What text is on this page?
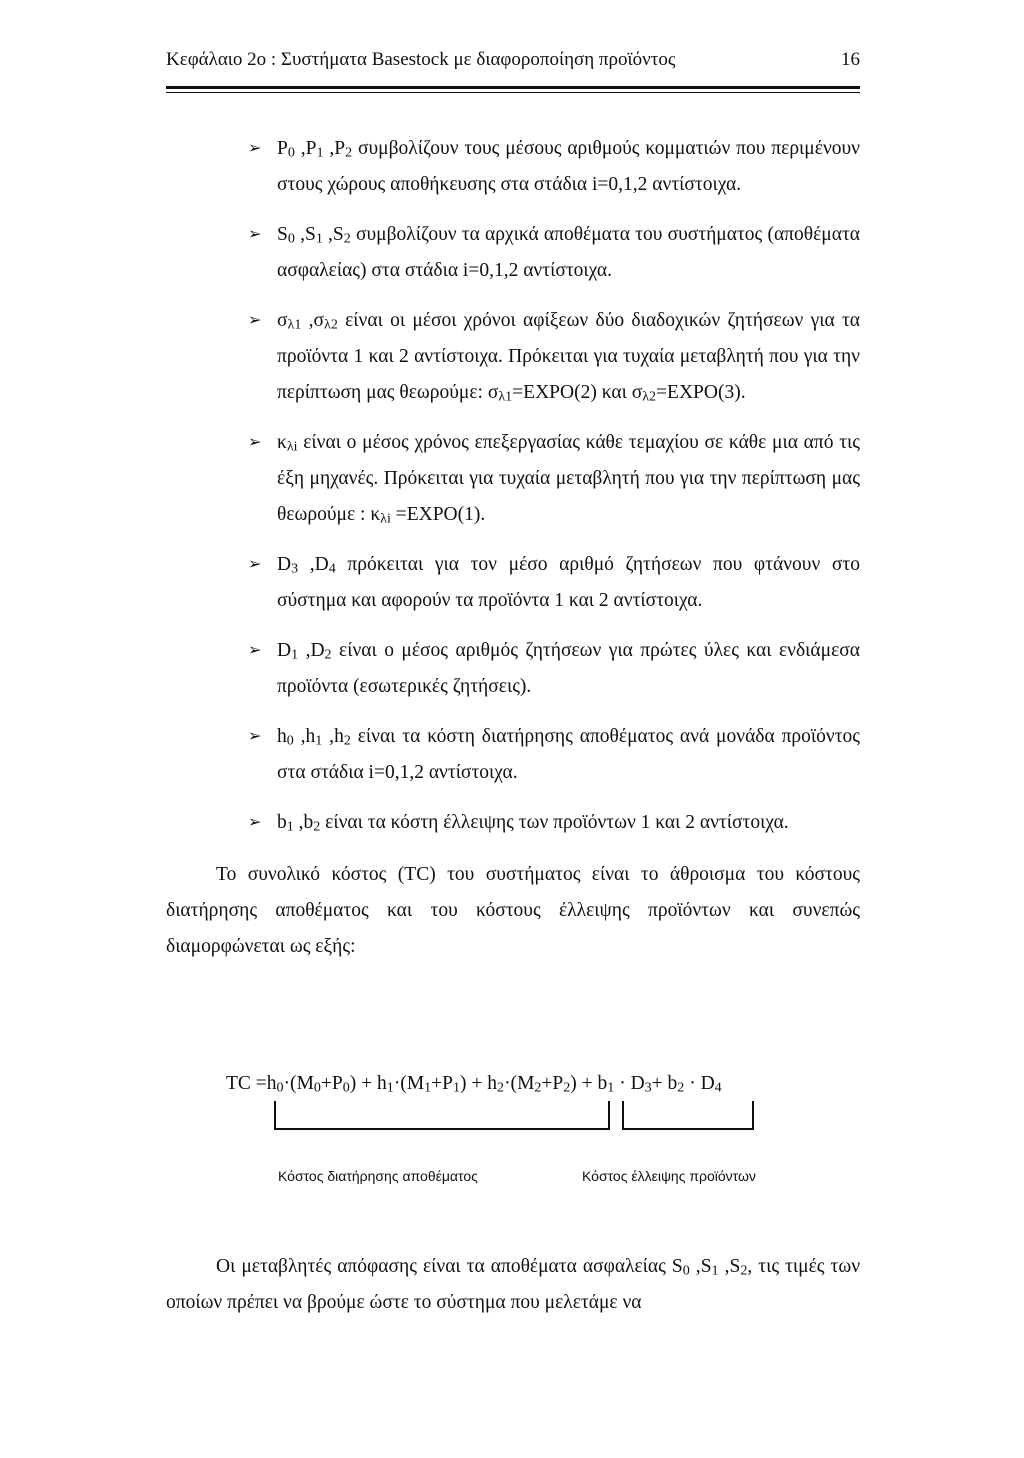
Κεφάλαιο 2ο : Συστήματα Basestock με διαφοροποίηση προϊόντος	16
➢ $P_0$ $,P_1$ $,P_2$ συμβολίζουν τους μέσους αριθμούς κομματιών που περιμένουν στους χώρους αποθήκευσης στα στάδια i=0,1,2 αντίστοιχα.
➢ $S_0$ $,S_1$ $,S_2$ συμβολίζουν τα αρχικά αποθέματα του συστήματος (αποθέματα ασφαλείας) στα στάδια i=0,1,2 αντίστοιχα.
➢ $\sigma_{\lambda 1}$ $,\sigma_{\lambda 2}$ είναι οι μέσοι χρόνοι αφίξεων δύο διαδοχικών ζητήσεων για τα προϊόντα 1 και 2 αντίστοιχα. Πρόκειται για τυχαία μεταβλητή που για την περίπτωση μας θεωρούμε: $\sigma_{\lambda 1}=EXPO(2)$ και $\sigma_{\lambda 2}=EXPO(3)$.
➢ $\kappa_{\lambda i}$ είναι ο μέσος χρόνος επεξεργασίας κάθε τεμαχίου σε κάθε μια από τις έξη μηχανές. Πρόκειται για τυχαία μεταβλητή που για την περίπτωση μας θεωρούμε : $\kappa_{\lambda i}$ =EXPO(1).
➢ $D_3$ $,D_4$ πρόκειται για τον μέσο αριθμό ζητήσεων που φτάνουν στο σύστημα και αφορούν τα προϊόντα 1 και 2 αντίστοιχα.
➢ $D_1$ $,D_2$ είναι ο μέσος αριθμός ζητήσεων για πρώτες ύλες και ενδιάμεσα προϊόντα (εσωτερικές ζητήσεις).
➢ $h_0$ $,h_1$ $,h_2$ είναι τα κόστη διατήρησης αποθέματος ανά μονάδα προϊόντος στα στάδια i=0,1,2 αντίστοιχα.
➢ $b_1$ $,b_2$ είναι τα κόστη έλλειψης των προϊόντων 1 και 2 αντίστοιχα.

Το συνολικό κόστος (TC) του συστήματος είναι το άθροισμα του κόστους διατήρησης αποθέματος και του κόστους έλλειψης προϊόντων και συνεπώς διαμορφώνεται ως εξής:

TC $=h_0\cdot(M_0+P_0) + h_1\cdot(M_1+P_1) + h_2\cdot(M_2+P_2) + b_1 \cdot D_3+ b_2 \cdot D_4$
Κόστος διατήρησης αποθέματος	Κόστος έλλειψης προϊόντων
Οι μεταβλητές απόφασης είναι τα αποθέματα ασφαλείας $S_0$ $,S_1$ $,S_2$, τις τιμές των οποίων πρέπει να βρούμε ώστε το σύστημα που μελετάμε να
